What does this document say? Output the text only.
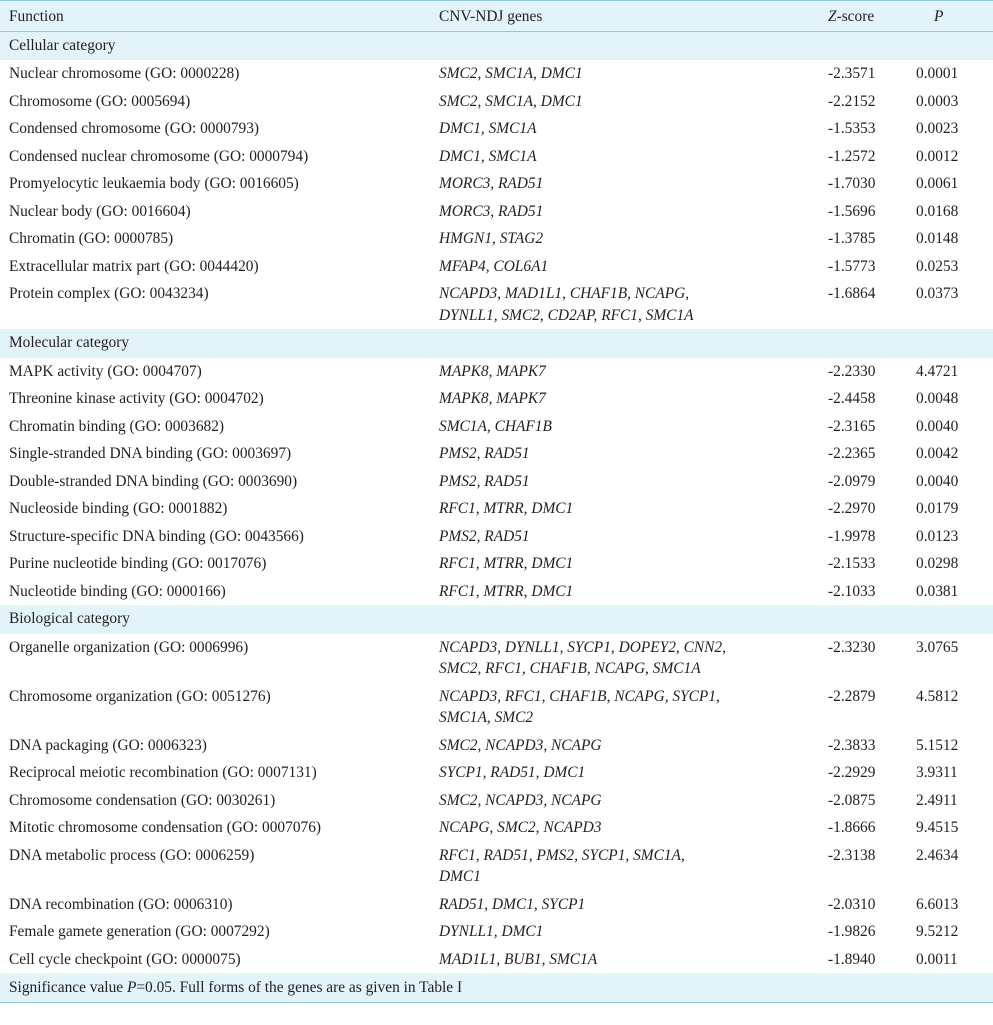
Function	CNV-NDJ genes	Z-score	P
Cellular category			
Nuclear chromosome (GO: 0000228)	SMC2, SMC1A, DMC1	-2.3571	0.0001
Chromosome (GO: 0005694)	SMC2, SMC1A, DMC1	-2.2152	0.0003
Condensed chromosome (GO: 0000793)	DMC1, SMC1A	-1.5353	0.0023
Condensed nuclear chromosome (GO: 0000794)	DMC1, SMC1A	-1.2572	0.0012
Promyelocytic leukaemia body (GO: 0016605)	MORC3, RAD51	-1.7030	0.0061
Nuclear body (GO: 0016604)	MORC3, RAD51	-1.5696	0.0168
Chromatin (GO: 0000785)	HMGN1, STAG2	-1.3785	0.0148
Extracellular matrix part (GO: 0044420)	MFAP4, COL6A1	-1.5773	0.0253
Protein complex (GO: 0043234)	NCAPD3, MAD1L1, CHAF1B, NCAPG,
DYNLL1, SMC2, CD2AP, RFC1, SMC1A	-1.6864	0.0373
Molecular category			
MAPK activity (GO: 0004707)	MAPK8, MAPK7	-2.2330	4.4721
Threonine kinase activity (GO: 0004702)	MAPK8, MAPK7	-2.4458	0.0048
Chromatin binding (GO: 0003682)	SMC1A, CHAF1B	-2.3165	0.0040
Single-stranded DNA binding (GO: 0003697)	PMS2, RAD51	-2.2365	0.0042
Double-stranded DNA binding (GO: 0003690)	PMS2, RAD51	-2.0979	0.0040
Nucleoside binding (GO: 0001882)	RFC1, MTRR, DMC1	-2.2970	0.0179
Structure-specific DNA binding (GO: 0043566)	PMS2, RAD51	-1.9978	0.0123
Purine nucleotide binding (GO: 0017076)	RFC1, MTRR, DMC1	-2.1533	0.0298
Nucleotide binding (GO: 0000166)	RFC1, MTRR, DMC1	-2.1033	0.0381
Biological category			
Organelle organization (GO: 0006996)	NCAPD3, DYNLL1, SYCP1, DOPEY2, CNN2,
SMC2, RFC1, CHAF1B, NCAPG, SMC1A	-2.3230	3.0765
Chromosome organization (GO: 0051276)	NCAPD3, RFC1, CHAF1B, NCAPG, SYCP1,
SMC1A, SMC2	-2.2879	4.5812
DNA packaging (GO: 0006323)	SMC2, NCAPD3, NCAPG	-2.3833	5.1512
Reciprocal meiotic recombination (GO: 0007131)	SYCP1, RAD51, DMC1	-2.2929	3.9311
Chromosome condensation (GO: 0030261)	SMC2, NCAPD3, NCAPG	-2.0875	2.4911
Mitotic chromosome condensation (GO: 0007076)	NCAPG, SMC2, NCAPD3	-1.8666	9.4515
DNA metabolic process (GO: 0006259)	RFC1, RAD51, PMS2, SYCP1, SMC1A,
DMC1	-2.3138	2.4634
DNA recombination (GO: 0006310)	RAD51, DMC1, SYCP1	-2.0310	6.6013
Female gamete generation (GO: 0007292)	DYNLL1, DMC1	-1.9826	9.5212
Cell cycle checkpoint (GO: 0000075)	MAD1L1, BUB1, SMC1A	-1.8940	0.0011
Significance value P=0.05. Full forms of the genes are as given in Table I			
